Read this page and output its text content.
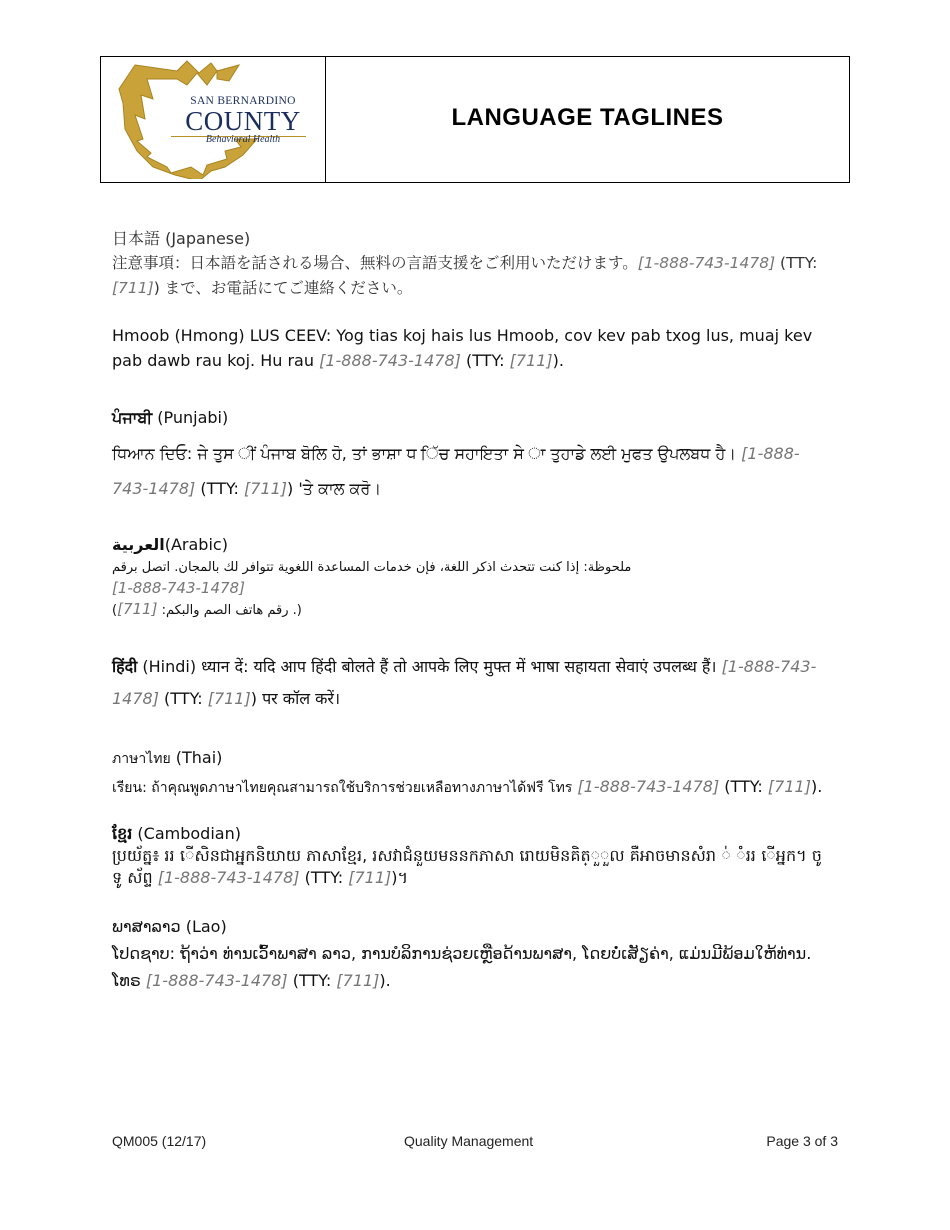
SAN BERNARDINO
COUNTY
Behavioral Health
LANGUAGE TAGLINES
日本語 (Japanese)
注意事項：日本語を話される場合、無料の言語支援をご利用いただけます。[1-888-743-1478] (TTY: [711]) まで、お電話にてご連絡ください。
Hmoob (Hmong) LUS CEEV: Yog tias koj hais lus Hmoob, cov kev pab txog lus, muaj kev pab dawb rau koj. Hu rau [1-888-743-1478] (TTY: [711]).
ਪੰਜਾਬੀ (Punjabi)
ਧਿਆਨ ਦਿਓ: ਜੇ ਤੁਸ ੀਂ ਪੰਜਾਬ ਬੋਲਿ ਹੋ, ਤਾਂ ਭਾਸ਼ਾ ਧ ਿੱਚ ਸਹਾਇਤਾ ਸੇ ਾ ਤੁਹਾਡੇ ਲਈ ਮੁਫਤ ਉਪਲਬਧ ਹੈ। [1-888-743-1478] (TTY: [711]) 'ਤੇ ਕਾਲ ਕਰੋ।
العربية(Arabic)
ملحوظة: إذا كنت تتحدث اذكر اللغة، فإن خدمات المساعدة اللغوية تتوافر لك بالمجان. اتصل برقم
[1-888-743-1478]
(	رقم هاتف الصم والبكم: [711]	.)
हिंदी (Hindi) ध्यान दें: यदि आप हिंदी बोलते हैं तो आपके लिए मुफ्त में भाषा सहायता सेवाएं उपलब्ध हैं। [1-888-743-1478] (TTY: [711]) पर कॉल करें।
ภาษาไทย (Thai)
เรียน: ถ้าคุณพูดภาษาไทยคุณสามารถใช้บริการช่วยเหลือทางภาษาได้ฟรี โทร [1-888-743-1478] (TTY: [711]).
ខ្មែរ (Cambodian)
ប្រយ័ត្ន៖ ររ ើសិនជាអ្នកនិយាយ ភាសាខ្មែរ, រសវាជំនួយមននកភាសា រោយមិនគិត្ួួល គឺអាចមានសំរា ់ ំររ ើអ្នក។ ចូ ទូ ស័ព្ទ [1-888-743-1478] (TTY: [711])។
ພາສາລາວ (Lao)
ໂປດຊາບ: ຖ້າວ່າ ທ່ານເວົ້າພາສາ ລາວ, ການບໍລິການຊ່ວຍເຫຼືອດ້ານພາສາ, ໂດຍບໍ່ເສັຽຄ່າ, ແມ່ນມີພ້ອມໃຫ້ທ່ານ. ໂທຣ [1-888-743-1478] (TTY: [711]).
QM005 (12/17)	Quality Management	Page 3 of 3
